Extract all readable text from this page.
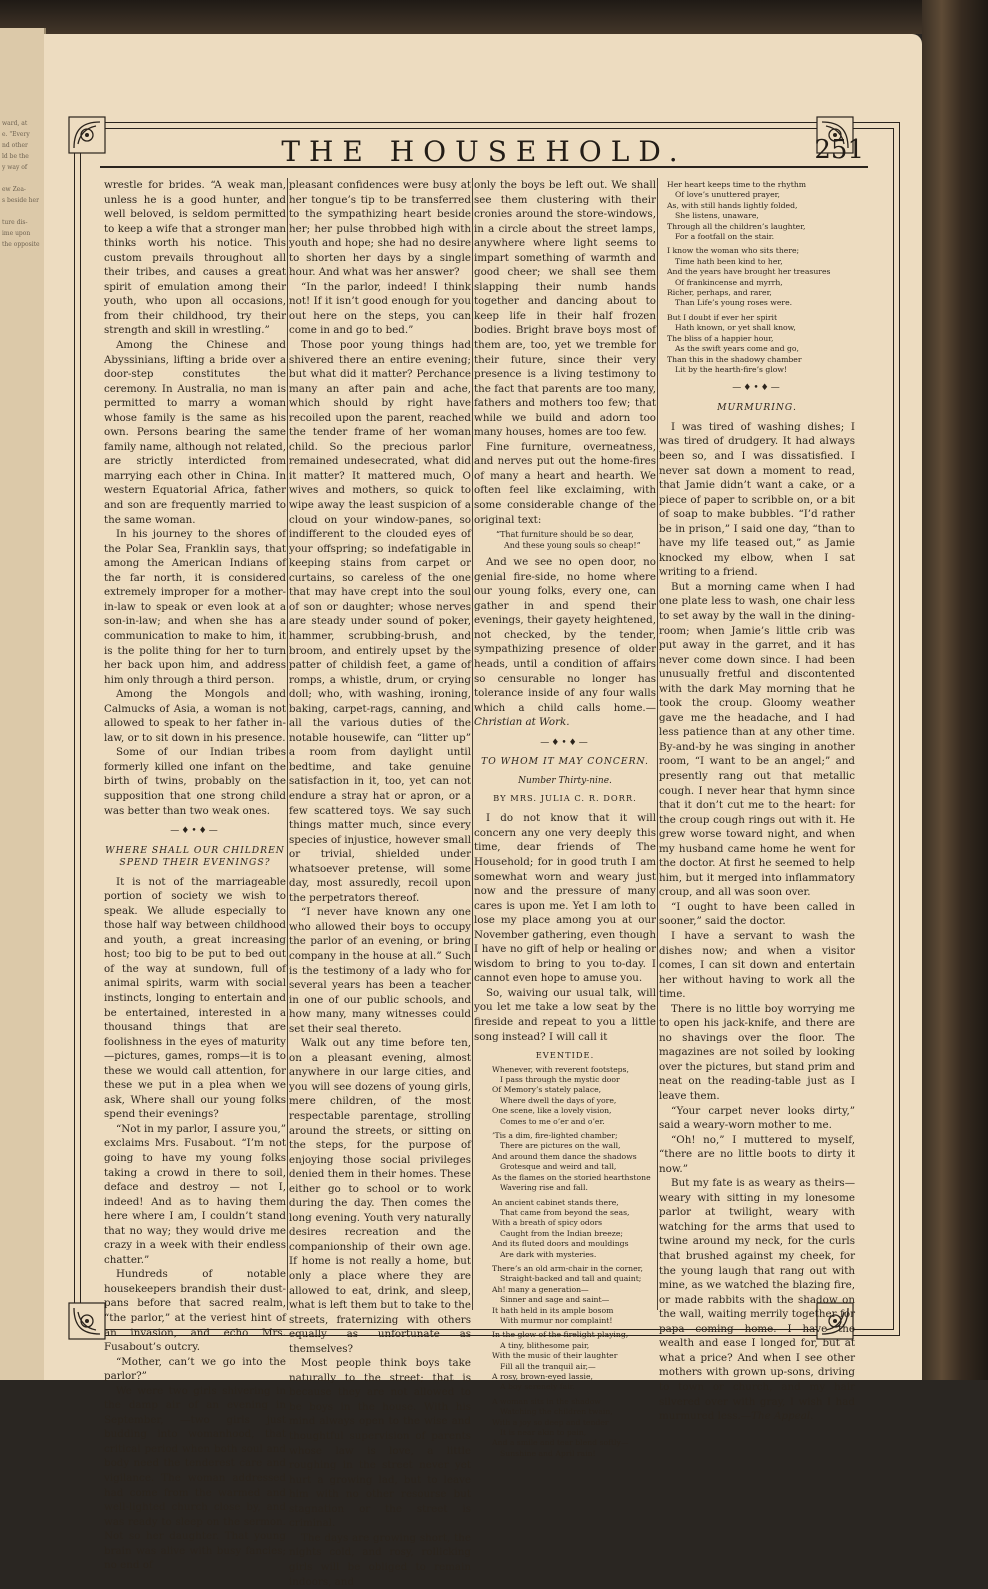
ward, at
e. "Every
nd other
ld be the
y way of

ew Zea-
s beside her

ture dis-
ime upon
the opposite
THE HOUSEHOLD.	251

wrestle for brides. “A weak man, unless he is a good hunter, and well beloved, is seldom permitted to keep a wife that a stronger man thinks worth his notice. This custom prevails throughout all their tribes, and causes a great spirit of emulation among their youth, who upon all occasions, from their childhood, try their strength and skill in wrestling.”

Among the Chinese and Abyssinians, lifting a bride over a door-step constitutes the ceremony. In Australia, no man is permitted to marry a woman whose family is the same as his own. Persons bearing the same family name, although not related, are strictly interdicted from marrying each other in China. In western Equatorial Africa, father and son are frequently married to the same woman.

In his journey to the shores of the Polar Sea, Franklin says, that among the American Indians of the far north, it is considered extremely improper for a mother-in-law to speak or even look at a son-in-law; and when she has a communication to make to him, it is the polite thing for her to turn her back upon him, and address him only through a third person.

Among the Mongols and Calmucks of Asia, a woman is not allowed to speak to her father in-law, or to sit down in his presence.

Some of our Indian tribes formerly killed one infant on the birth of twins, probably on the supposition that one strong child was better than two weak ones.

—♦•♦—
WHERE SHALL OUR CHILDREN SPEND THEIR EVENINGS?

It is not of the marriageable portion of society we wish to speak. We allude especially to those half way between childhood and youth, a great increasing host; too big to be put to bed out of the way at sundown, full of animal spirits, warm with social instincts, longing to entertain and be entertained, interested in a thousand things that are foolishness in the eyes of maturity—pictures, games, romps—it is to these we would call attention, for these we put in a plea when we ask, Where shall our young folks spend their evenings?

“Not in my parlor, I assure you,” exclaims Mrs. Fusabout. “I’m not going to have my young folks taking a crowd in there to soil, deface and destroy — not I, indeed! And as to having them here where I am, I couldn’t stand that no way; they would drive me crazy in a week with their endless chatter.”

Hundreds of notable housekeepers brandish their dust-pans before that sacred realm, “the parlor,” at the veriest hint of an invasion, and echo Mrs. Fusabout’s outcry.

“Mother, can’t we go into the parlor?”

We were two girls shivering in the damp air of an evening in September, —two girls just budding into womanhood, that critical period when both soul and body need the tenderest care and vigilance. The woman addressed had come from the warmed and well-lighted church close by, and was ready to sleep on the sermon. Not so her daughter. That young brain was alive with busy fancies; no end of

pleasant confidences were busy at her tongue’s tip to be transferred to the sympathizing heart beside her; her pulse throbbed high with youth and hope; she had no desire to shorten her days by a single hour. And what was her answer?

“In the parlor, indeed! I think not! If it isn’t good enough for you out here on the steps, you can come in and go to bed.”

Those poor young things had shivered there an entire evening; but what did it matter? Perchance many an after pain and ache, which should by right have recoiled upon the parent, reached the tender frame of her woman child. So the precious parlor remained undesecrated, what did it matter? It mattered much, O wives and mothers, so quick to wipe away the least suspicion of a cloud on your window-panes, so indifferent to the clouded eyes of your offspring; so indefatigable in keeping stains from carpet or curtains, so careless of the one that may have crept into the soul of son or daughter; whose nerves are steady under sound of poker, hammer, scrubbing-brush, and broom, and entirely upset by the patter of childish feet, a game of romps, a whistle, drum, or crying doll; who, with washing, ironing, baking, carpet-rags, canning, and all the various duties of the notable housewife, can “litter up” a room from daylight until bedtime, and take genuine satisfaction in it, too, yet can not endure a stray hat or apron, or a few scattered toys. We say such things matter much, since every species of injustice, however small or trivial, shielded under whatsoever pretense, will some day, most assuredly, recoil upon the perpetrators thereof.

“I never have known any one who allowed their boys to occupy the parlor of an evening, or bring company in the house at all.” Such is the testimony of a lady who for several years has been a teacher in one of our public schools, and how many, many witnesses could set their seal thereto.

Walk out any time before ten, on a pleasant evening, almost anywhere in our large cities, and you will see dozens of young girls, mere children, of the most respectable parentage, strolling around the streets, or sitting on the steps, for the purpose of enjoying those social privileges denied them in their homes. These either go to school or to work during the day. Then comes the long evening. Youth very naturally desires recreation and the companionship of their own age. If home is not really a home, but only a place where they are allowed to eat, drink, and sleep, what is left them but to take to the streets, fraternizing with others equally as unfortunate as themselves?

Most people think boys take naturally to the street; that is because they are not allowed to be boys in the house. With his mind always open to the wise and thoughtful supervision of parents whose law is love, a little roughing in the street never yet hurt a growing lad, but to leave him with no other resourse but stagnation or the street is criminal.

The days are growing short, the nights cold, and rosy, rollicking girls will be obliged to remain indoors, and

only the boys be left out. We shall see them clustering with their cronies around the store-windows, in a circle about the street lamps, anywhere where light seems to impart something of warmth and good cheer; we shall see them slapping their numb hands together and dancing about to keep life in their half frozen bodies. Bright brave boys most of them are, too, yet we tremble for their future, since their very presence is a living testimony to the fact that parents are too many, fathers and mothers too few; that while we build and adorn too many houses, homes are too few.

Fine furniture, overneatness, and nerves put out the home-fires of many a heart and hearth. We often feel like exclaiming, with some considerable change of the original text:

“That furniture should be so dear,
And these young souls so cheap!”

And we see no open door, no genial fire-side, no home where our young folks, every one, can gather in and spend their evenings, their gayety heightened, not checked, by the tender, sympathizing presence of older heads, until a condition of affairs so censurable no longer has tolerance inside of any four walls which a child calls home.—Christian at Work.

—♦•♦—
TO WHOM IT MAY CONCERN.
Number Thirty-nine.
BY MRS. JULIA C. R. DORR.

I do not know that it will concern any one very deeply this time, dear friends of The Household; for in good truth I am somewhat worn and weary just now and the pressure of many cares is upon me. Yet I am loth to lose my place among you at our November gathering, even though I have no gift of help or healing or wisdom to bring to you to-day. I cannot even hope to amuse you.

So, waiving our usual talk, will you let me take a low seat by the fireside and repeat to you a little song instead? I will call it

EVENTIDE.
Whenever, with reverent footsteps,
I pass through the mystic door
Of Memory’s stately palace,
Where dwell the days of yore,
One scene, like a lovely vision,
Comes to me o’er and o’er.
’Tis a dim, fire-lighted chamber;
There are pictures on the wall,
And around them dance the shadows
Grotesque and weird and tall,
As the flames on the storied hearthstone
Wavering rise and fall.
An ancient cabinet stands there,
That came from beyond the seas,
With a breath of spicy odors
Caught from the Indian breeze;
And its fluted doors and mouldings
Are dark with mysteries.
There’s an old arm-chair in the corner,
Straight-backed and tall and quaint;
Ah! many a generation—
Sinner and sage and saint—
It hath held in its ample bosom
With murmur nor complaint!
In the glow of the firelight playing,
A tiny, blithesome pair,
With the music of their laughter
Fill all the tranquil air,—
A rosy, brown-eyed lassie,
A boy serenely fair.
A woman sits in the shadow
Watching the children twain,
With a joy so deep and tender
It is near akin to pain,
And a smile and tear blend softly—
Sunshine and April rain!
Her heart keeps time to the rhythm
Of love’s unuttered prayer,
As, with still hands lightly folded,
She listens, unaware,
Through all the children’s laughter,
For a footfall on the stair.
I know the woman who sits there;
Time hath been kind to her,
And the years have brought her treasures
Of frankincense and myrrh,
Richer, perhaps, and rarer,
Than Life’s young roses were.
But I doubt if ever her spirit
Hath known, or yet shall know,
The bliss of a happier hour,
As the swift years come and go,
Than this in the shadowy chamber
Lit by the hearth-fire’s glow!
—♦•♦—
MURMURING.

I was tired of washing dishes; I was tired of drudgery. It had always been so, and I was dissatisfied. I never sat down a moment to read, that Jamie didn’t want a cake, or a piece of paper to scribble on, or a bit of soap to make bubbles. “I’d rather be in prison,” I said one day, “than to have my life teased out,” as Jamie knocked my elbow, when I sat writing to a friend.

But a morning came when I had one plate less to wash, one chair less to set away by the wall in the dining-room; when Jamie’s little crib was put away in the garret, and it has never come down since. I had been unusually fretful and discontented with the dark May morning that he took the croup. Gloomy weather gave me the headache, and I had less patience than at any other time. By-and-by he was singing in another room, “I want to be an angel;” and presently rang out that metallic cough. I never hear that hymn since that it don’t cut me to the heart: for the croup cough rings out with it. He grew worse toward night, and when my husband came home he went for the doctor. At first he seemed to help him, but it merged into inflammatory croup, and all was soon over.

“I ought to have been called in sooner,” said the doctor.

I have a servant to wash the dishes now; and when a visitor comes, I can sit down and entertain her without having to work all the time.

There is no little boy worrying me to open his jack-knife, and there are no shavings over the floor. The magazines are not soiled by looking over the pictures, but stand prim and neat on the reading-table just as I leave them.

“Your carpet never looks dirty,” said a weary-worn mother to me.

“Oh! no,” I muttered to myself, “there are no little boots to dirty it now.”

But my fate is as weary as theirs—weary with sitting in my lonesome parlor at twilight, weary with watching for the arms that used to twine around my neck, for the curls that brushed against my cheek, for the young laugh that rang out with mine, as we watched the blazing fire, or made rabbits with the shadow on the wall, waiting merrily together for papa coming home. I have the wealth and ease I longed for, but at what a price? And when I see other mothers with grown up-sons, driving to town or church, and my hair silvered over with gray, I wish I had murmured less.—The Appeal.
